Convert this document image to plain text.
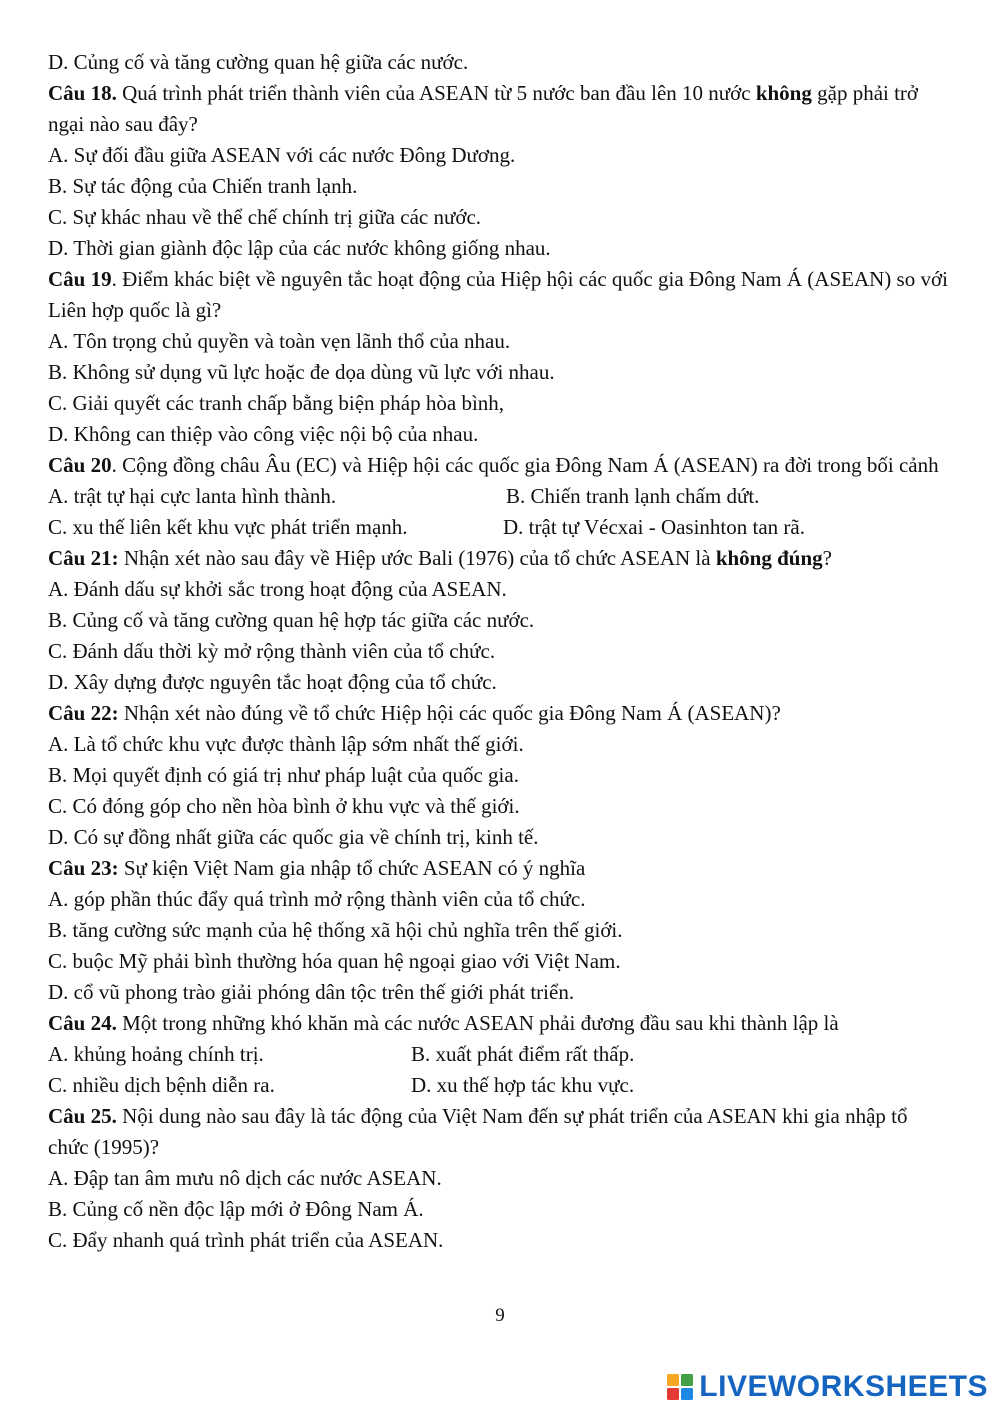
D. Củng cố và tăng cường quan hệ giữa các nước.
Câu 18. Quá trình phát triển thành viên của ASEAN từ 5 nước ban đầu lên 10 nước không gặp phải trở ngại nào sau đây?
A. Sự đối đầu giữa ASEAN với các nước Đông Dương.
B. Sự tác động của Chiến tranh lạnh.
C. Sự khác nhau về thể chế chính trị giữa các nước.
D. Thời gian giành độc lập của các nước không giống nhau.
Câu 19. Điểm khác biệt về nguyên tắc hoạt động của Hiệp hội các quốc gia Đông Nam Á (ASEAN) so với Liên hợp quốc là gì?
A. Tôn trọng chủ quyền và toàn vẹn lãnh thổ của nhau.
B. Không sử dụng vũ lực hoặc đe dọa dùng vũ lực với nhau.
C. Giải quyết các tranh chấp bằng biện pháp hòa bình,
D. Không can thiệp vào công việc nội bộ của nhau.
Câu 20. Cộng đồng châu Âu (EC) và Hiệp hội các quốc gia Đông Nam Á (ASEAN) ra đời trong bối cảnh
A. trật tự hại cực lanta hình thành.	B. Chiến tranh lạnh chấm dứt.
C. xu thế liên kết khu vực phát triển mạnh.	D. trật tự Vécxai - Oasinhton tan rã.
Câu 21: Nhận xét nào sau đây về Hiệp ước Bali (1976) của tổ chức ASEAN là không đúng?
A. Đánh dấu sự khởi sắc trong hoạt động của ASEAN.
B. Củng cố và tăng cường quan hệ hợp tác giữa các nước.
C. Đánh dấu thời kỳ mở rộng thành viên của tổ chức.
D. Xây dựng được nguyên tắc hoạt động của tổ chức.
Câu 22: Nhận xét nào đúng về tổ chức Hiệp hội các quốc gia Đông Nam Á (ASEAN)?
A. Là tổ chức khu vực được thành lập sớm nhất thế giới.
B. Mọi quyết định có giá trị như pháp luật của quốc gia.
C. Có đóng góp cho nền hòa bình ở khu vực và thế giới.
D. Có sự đồng nhất giữa các quốc gia về chính trị, kinh tế.
Câu 23: Sự kiện Việt Nam gia nhập tổ chức ASEAN có ý nghĩa
A. góp phần thúc đẩy quá trình mở rộng thành viên của tổ chức.
B. tăng cường sức mạnh của hệ thống xã hội chủ nghĩa trên thế giới.
C. buộc Mỹ phải bình thường hóa quan hệ ngoại giao với Việt Nam.
D. cổ vũ phong trào giải phóng dân tộc trên thế giới phát triển.
Câu 24. Một trong những khó khăn mà các nước ASEAN phải đương đầu sau khi thành lập là
A. khủng hoảng chính trị.	B. xuất phát điểm rất thấp.
C. nhiều dịch bệnh diễn ra.	D. xu thế hợp tác khu vực.
Câu 25. Nội dung nào sau đây là tác động của Việt Nam đến sự phát triển của ASEAN khi gia nhập tổ chức (1995)?
A. Đập tan âm mưu nô dịch các nước ASEAN.
B. Củng cố nền độc lập mới ở Đông Nam Á.
C. Đẩy nhanh quá trình phát triển của ASEAN.
9
LIVEWORKSHEETS
